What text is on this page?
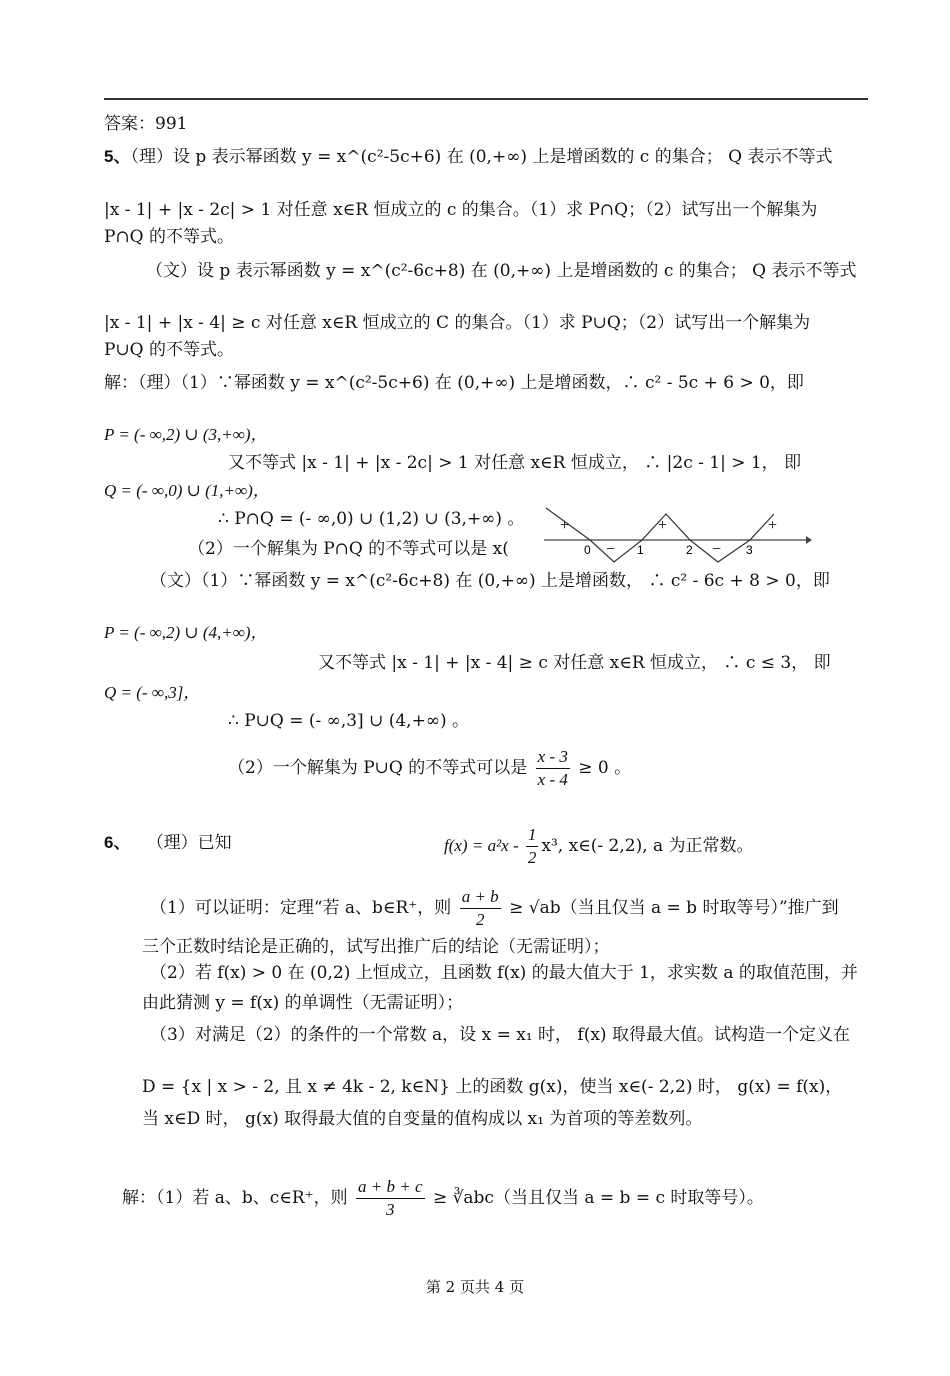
答案：991
5、（理）设 p 表示幂函数 y = x^(c²-5c+6) 在 (0,+∞) 上是增函数的 c 的集合； Q 表示不等式
|x - 1| + |x - 2c| > 1 对任意 x∈R 恒成立的 c 的集合。（1）求 P∩Q；（2）试写出一个解集为
P∩Q 的不等式。
（文）设 p 表示幂函数 y = x^(c²-6c+8) 在 (0,+∞) 上是增函数的 c 的集合； Q 表示不等式
|x - 1| + |x - 4| ≥ c 对任意 x∈R 恒成立的 C 的集合。（1）求 P∪Q；（2）试写出一个解集为
P∪Q 的不等式。
解：（理）（1）∵幂函数 y = x^(c²-5c+6) 在 (0,+∞) 上是增函数，∴ c² - 5c + 6 > 0，即
P = (- ∞,2) ∪ (3,+∞)，
又不等式 |x - 1| + |x - 2c| > 1 对任意 x∈R 恒成立， ∴ |2c - 1| > 1， 即
Q = (- ∞,0) ∪ (1,+∞)，
∴ P∩Q = (- ∞,0) ∪ (1,2) ∪ (3,+∞) 。
（2）一个解集为 P∩Q 的不等式可以是 x(
+
−
+
−
+
0	1	2	3
（文）（1）∵幂函数 y = x^(c²-6c+8) 在 (0,+∞) 上是增函数， ∴ c² - 6c + 8 > 0，即
P = (- ∞,2) ∪ (4,+∞)，
又不等式 |x - 1| + |x - 4| ≥ c 对任意 x∈R 恒成立， ∴ c ≤ 3， 即
Q = (- ∞,3]，
∴ P∪Q = (- ∞,3] ∪ (4,+∞) 。
（2）一个解集为 P∪Q 的不等式可以是 $\frac{x - 3}{x - 4} \ge 0$ 。
6、 （理）已知	$f(x) = a^2x - \frac{1}{2} x^3$, x∈(- 2,2), a 为正常数。
（1）可以证明：定理“若 a、b∈R⁺，则 $\frac{a + b}{2} \ge √ab$（当且仅当 a = b 时取等号）”推广到
三个正数时结论是正确的，试写出推广后的结论（无需证明）；
（2）若 f(x) > 0 在 (0,2) 上恒成立，且函数 f(x) 的最大值大于 1，求实数 a 的取值范围，并
由此猜测 y = f(x) 的单调性（无需证明）；
（3）对满足（2）的条件的一个常数 a，设 x = x₁ 时， f(x) 取得最大值。试构造一个定义在
D = {x | x > - 2, 且 x ≠ 4k - 2, k∈N} 上的函数 g(x)，使当 x∈(- 2,2) 时， g(x) = f(x)，
当 x∈D 时， g(x) 取得最大值的自变量的值构成以 x₁ 为首项的等差数列。
解：（1）若 a、b、c∈R⁺，则 $\frac{a + b + c}{3}$ ≥ ∛abc（当且仅当 a = b = c 时取等号）。
第 2 页共 4 页
